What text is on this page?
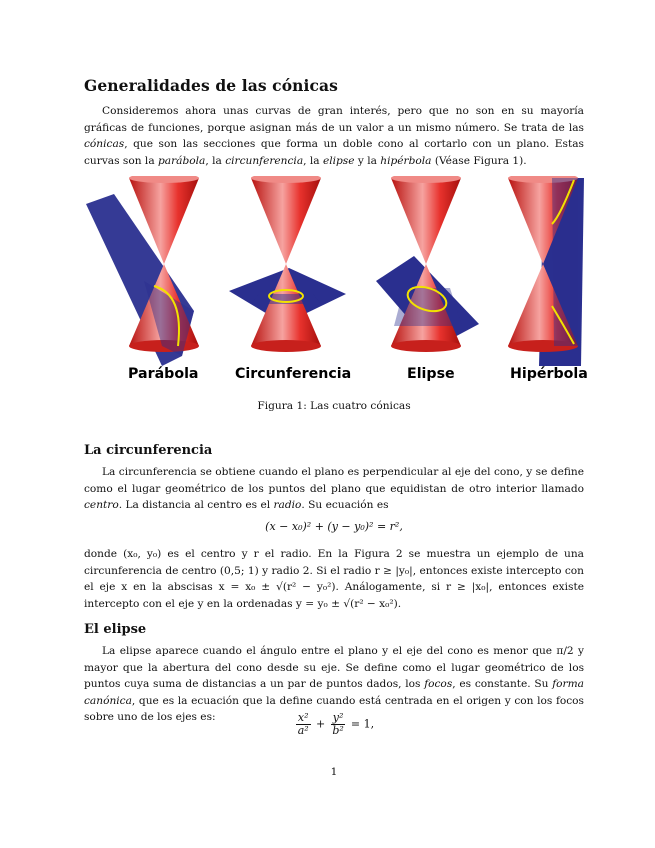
Generalidades de las cónicas

Consideremos ahora unas curvas de gran interés, pero que no son en su mayoría gráficas de funciones, porque asignan más de un valor a un mismo número. Se trata de las cónicas, que son las secciones que forma un doble cono al cortarlo con un plano. Estas curvas son la parábola, la circunferencia, la elipse y la hipérbola (Véase Figura 1).

Parábola	Circunferencia	Elipse	Hipérbola
Figura 1: Las cuatro cónicas
La circunferencia

La circunferencia se obtiene cuando el plano es perpendicular al eje del cono, y se define como el lugar geométrico de los puntos del plano que equidistan de otro interior llamado centro. La distancia al centro es el radio. Su ecuación es

(x − x₀)² + (y − y₀)² = r²,

donde (x₀, y₀) es el centro y r el radio. En la Figura 2 se muestra un ejemplo de una circunferencia de centro (0,5; 1) y radio 2. Si el radio r ≥ |y₀|, entonces existe intercepto con el eje x en la abscisas x = x₀ ± √(r² − y₀²). Análogamente, si r ≥ |x₀|, entonces existe intercepto con el eje y en la ordenadas y = y₀ ± √(r² − x₀²).

El elipse

La elipse aparece cuando el ángulo entre el plano y el eje del cono es menor que π/2 y mayor que la abertura del cono desde su eje. Se define como el lugar geométrico de los puntos cuya suma de distancias a un par de puntos dados, los focos, es constante. Su forma canónica, que es la ecuación que la define cuando está centrada en el origen y con los focos sobre uno de los ejes es:	$\frac{\text{x²}}{\text{a²}} + \frac{\text{y²}}{\text{b²}} = 1$,
1
